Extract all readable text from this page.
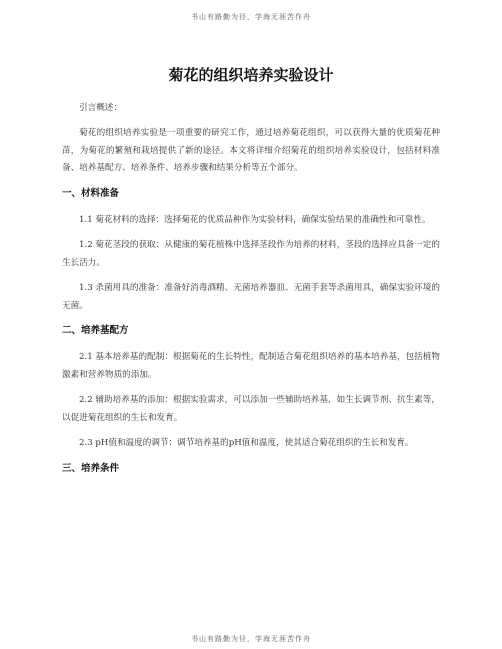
书山有路勤为径，学海无涯苦作舟
菊花的组织培养实验设计

引言概述：

菊花的组织培养实验是一项重要的研究工作，通过培养菊花组织，可以获得大量的优质菊花种苗，为菊花的繁殖和栽培提供了新的途径。本文将详细介绍菊花的组织培养实验设计，包括材料准备、培养基配方、培养条件、培养步骤和结果分析等五个部分。

一、材料准备

1.1 菊花材料的选择：选择菊花的优质品种作为实验材料，确保实验结果的准确性和可靠性。

1.2 菊花茎段的获取：从健康的菊花植株中选择茎段作为培养的材料，茎段的选择应具备一定的生长活力。

1.3 杀菌用具的准备：准备好消毒酒精、无菌培养器皿、无菌手套等杀菌用具，确保实验环境的无菌。

二、培养基配方

2.1 基本培养基的配制：根据菊花的生长特性，配制适合菊花组织培养的基本培养基，包括植物激素和营养物质的添加。

2.2 辅助培养基的添加：根据实验需求，可以添加一些辅助培养基，如生长调节剂、抗生素等，以促进菊花组织的生长和发育。

2.3 pH值和温度的调节：调节培养基的pH值和温度，使其适合菊花组织的生长和发育。

三、培养条件
书山有路勤为径，学海无涯苦作舟
